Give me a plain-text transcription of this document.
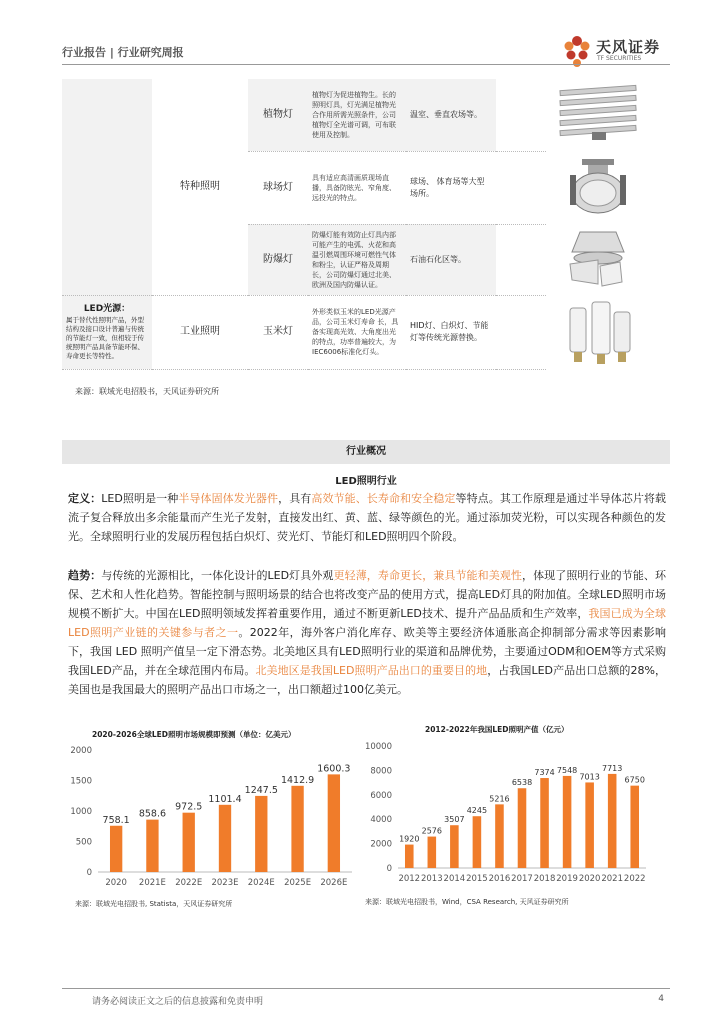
行业报告 | 行业研究周报	天风证券
TF SECURITIES
	特种照明	植物灯	植物灯为促进植物生。长的照明灯具，灯光满足植物光合作用所需光照条件，公司植物灯全光谱可调，可布联使用及控制。	温室、垂直农场等。	
		球场灯	具有适应高清画质现场直播，具备防眩光、窄角度、远投光的特点。	球场、 体育场等大型场所。	
		防爆灯	防爆灯能有效防止灯具内部可能产生的电弧、火花和高温引燃周围环境可燃性气体和粉尘，认证严格及周期长，公司防爆灯通过北美、欧洲及国内防爆认证。	石油石化区等。	

LED光源：
属于替代性照明产品，外型结构及接口设计普遍与传统的节能灯一致，但相较于传统照明产品具备节能环保、寿命更长等特性。	工业照明	玉米灯	外形类似玉米的LED光源产品，公司玉米灯寿命 长，具备实现高光效、大角度出光的特点，功率普遍较大，为IEC6006标准化灯头。	HID灯、白炽灯、节能灯等传统光源替换。	
来源：联域光电招股书，天风证券研究所
行业概况
LED照明行业
定义：LED照明是一种半导体固体发光器件，具有高效节能、长寿命和安全稳定等特点。其工作原理是通过半导体芯片将载流子复合释放出多余能量而产生光子发射，直接发出红、黄、蓝、绿等颜色的光。通过添加荧光粉，可以实现各种颜色的发光。全球照明行业的发展历程包括白炽灯、荧光灯、节能灯和LED照明四个阶段。
趋势：与传统的光源相比，一体化设计的LED灯具外观更轻薄，寿命更长，兼具节能和美观性，体现了照明行业的节能、环保、艺术和人性化趋势。智能控制与照明场景的结合也将改变产品的使用方式，提高LED灯具的附加值。全球LED照明市场规模不断扩大。中国在LED照明领域发挥着重要作用，通过不断更新LED技术、提升产品品质和生产效率，我国已成为全球LED照明产业链的关键参与者之一。2022年，海外客户消化库存、欧美等主要经济体通胀高企抑制部分需求等因素影响下，我国 LED 照明产值呈一定下滑态势。北美地区具有LED照明行业的渠道和品牌优势，主要通过ODM和OEM等方式采购我国LED产品，并在全球范围内布局。北美地区是我国LED照明产品出口的重要目的地，占我国LED产品出口总额的28%，美国也是我国最大的照明产品出口市场之一，出口额超过100亿美元。
2020-2026全球LED照明市场规模即预测（单位：亿美元）
0
500
1000
1500
2000
758.1
2020
858.6
2021E
972.5
2022E
1101.4
2023E
1247.5
2024E
1412.9
2025E
1600.3
2026E
来源：联域光电招股书, Statista，天风证券研究所
2012-2022年我国LED照明产值（亿元）
0
2000
4000
6000
8000
10000
1920
2012
2576
2013
3507
2014
4245
2015
5216
2016
6538
2017
7374
2018
7548
2019
7013
2020
7713
2021
6750
2022
来源：联域光电招股书，Wind，CSA Research, 天风证券研究所
请务必阅读正文之后的信息披露和免责申明	4
